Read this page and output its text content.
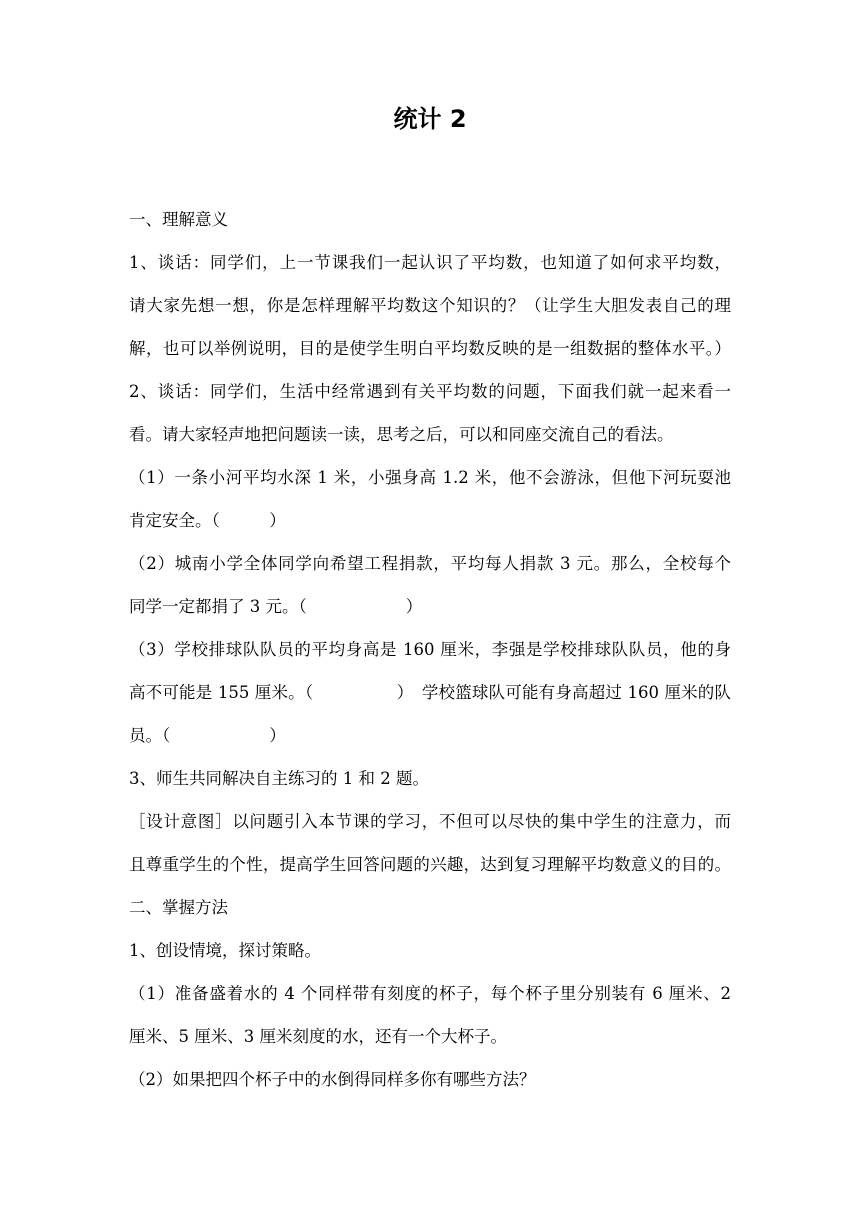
统计 2

一、理解意义

1、谈话：同学们，上一节课我们一起认识了平均数，也知道了如何求平均数，

请大家先想一想，你是怎样理解平均数这个知识的？（让学生大胆发表自己的理

解，也可以举例说明，目的是使学生明白平均数反映的是一组数据的整体水平。）

2、谈话：同学们，生活中经常遇到有关平均数的问题，下面我们就一起来看一

看。请大家轻声地把问题读一读，思考之后，可以和同座交流自己的看法。

（1）一条小河平均水深 1 米，小强身高 1.2 米，他不会游泳，但他下河玩耍池

肯定安全。（　　　）

（2）城南小学全体同学向希望工程捐款，平均每人捐款 3 元。那么，全校每个

同学一定都捐了 3 元。（　　　　　　）

（3）学校排球队队员的平均身高是 160 厘米，李强是学校排球队队员，他的身

高不可能是 155 厘米。（　　　　　）　学校篮球队可能有身高超过 160 厘米的队

员。（　　　　　　）

3、师生共同解决自主练习的 1 和 2 题。

［设计意图］以问题引入本节课的学习，不但可以尽快的集中学生的注意力，而

且尊重学生的个性，提高学生回答问题的兴趣，达到复习理解平均数意义的目的。

二、掌握方法

1、创设情境，探讨策略。

（1）准备盛着水的 4 个同样带有刻度的杯子，每个杯子里分别装有 6 厘米、2

厘米、5 厘米、3 厘米刻度的水，还有一个大杯子。

（2）如果把四个杯子中的水倒得同样多你有哪些方法？
